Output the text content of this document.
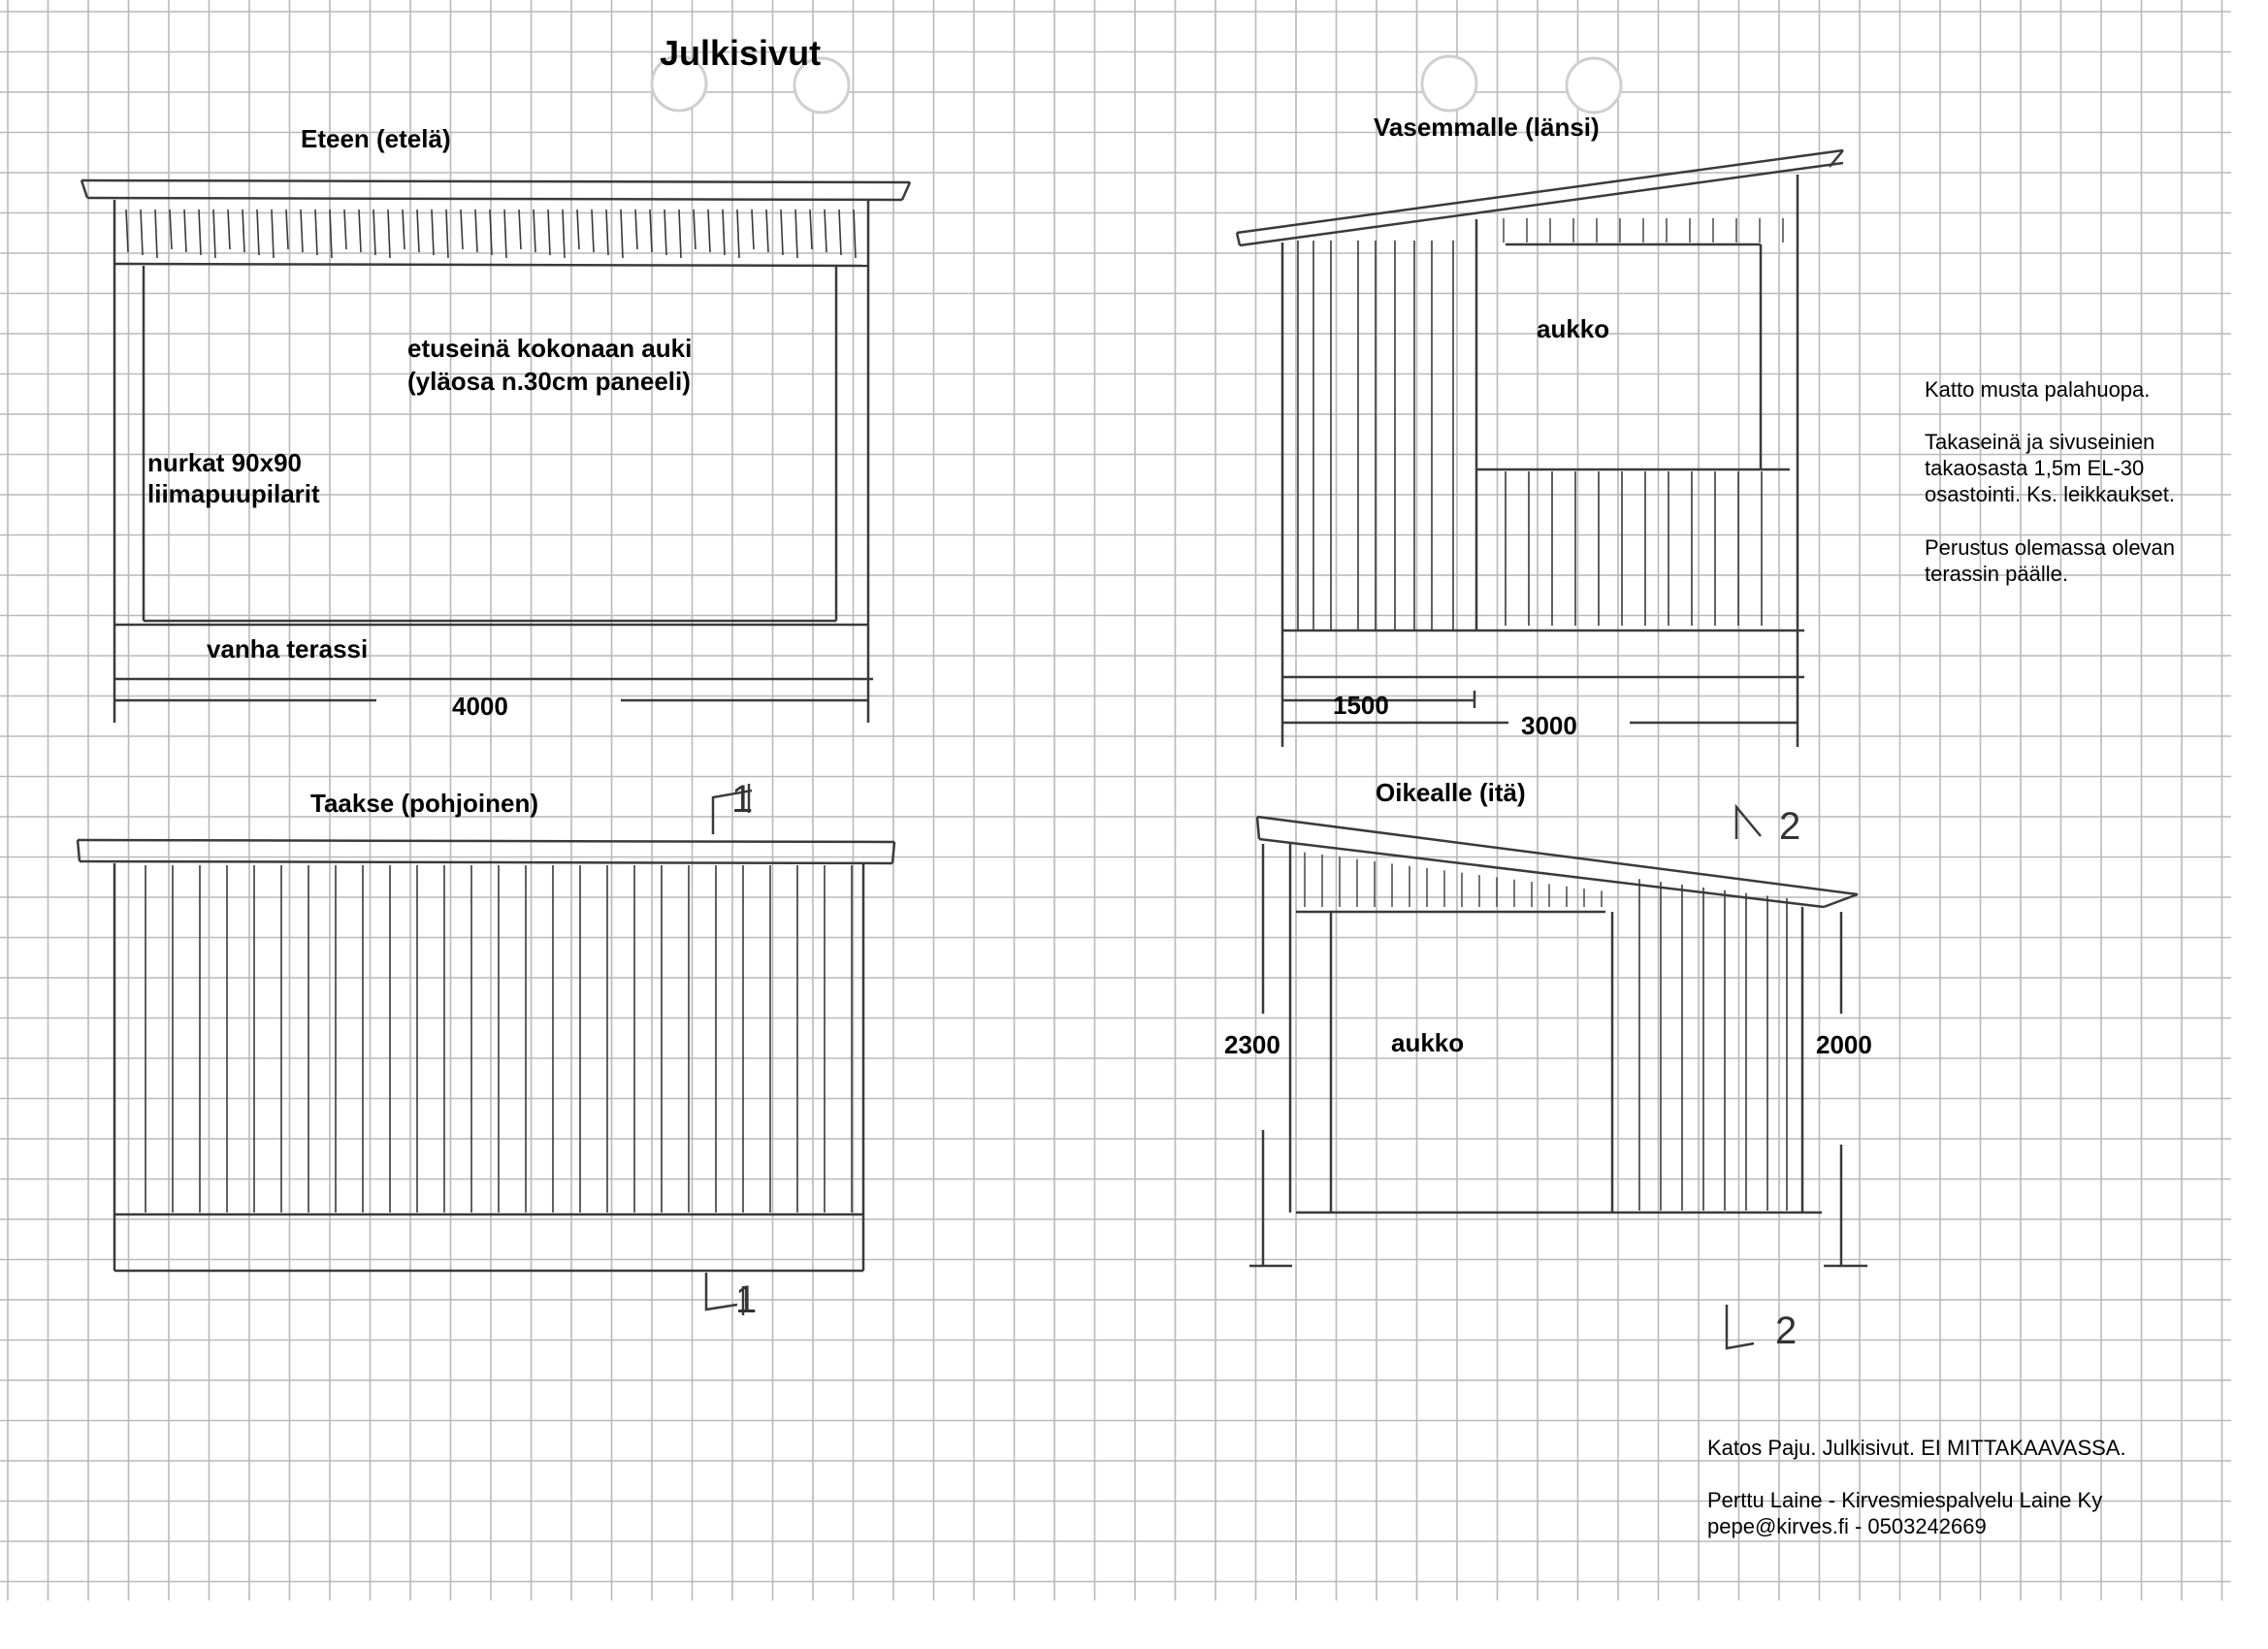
Julkisivut
Eteen (etelä)
etuseinä kokonaan auki
(yläosa n.30cm paneeli)
nurkat 90x90
liimapuupilarit
vanha terassi
4000
Vasemmalle (länsi)
aukko
1500
3000
Taakse (pohjoinen)	Oikealle (itä)
aukko
2300	2000
1
1
2
2
Katto musta palahuopa.
Takaseinä ja sivuseinien
takaosasta 1,5m EL-30
osastointi. Ks. leikkaukset.
Perustus olemassa olevan
terassin päälle.
Katos Paju. Julkisivut. EI MITTAKAAVASSA.
Perttu Laine - Kirvesmiespalvelu Laine Ky
pepe@kirves.fi - 0503242669
